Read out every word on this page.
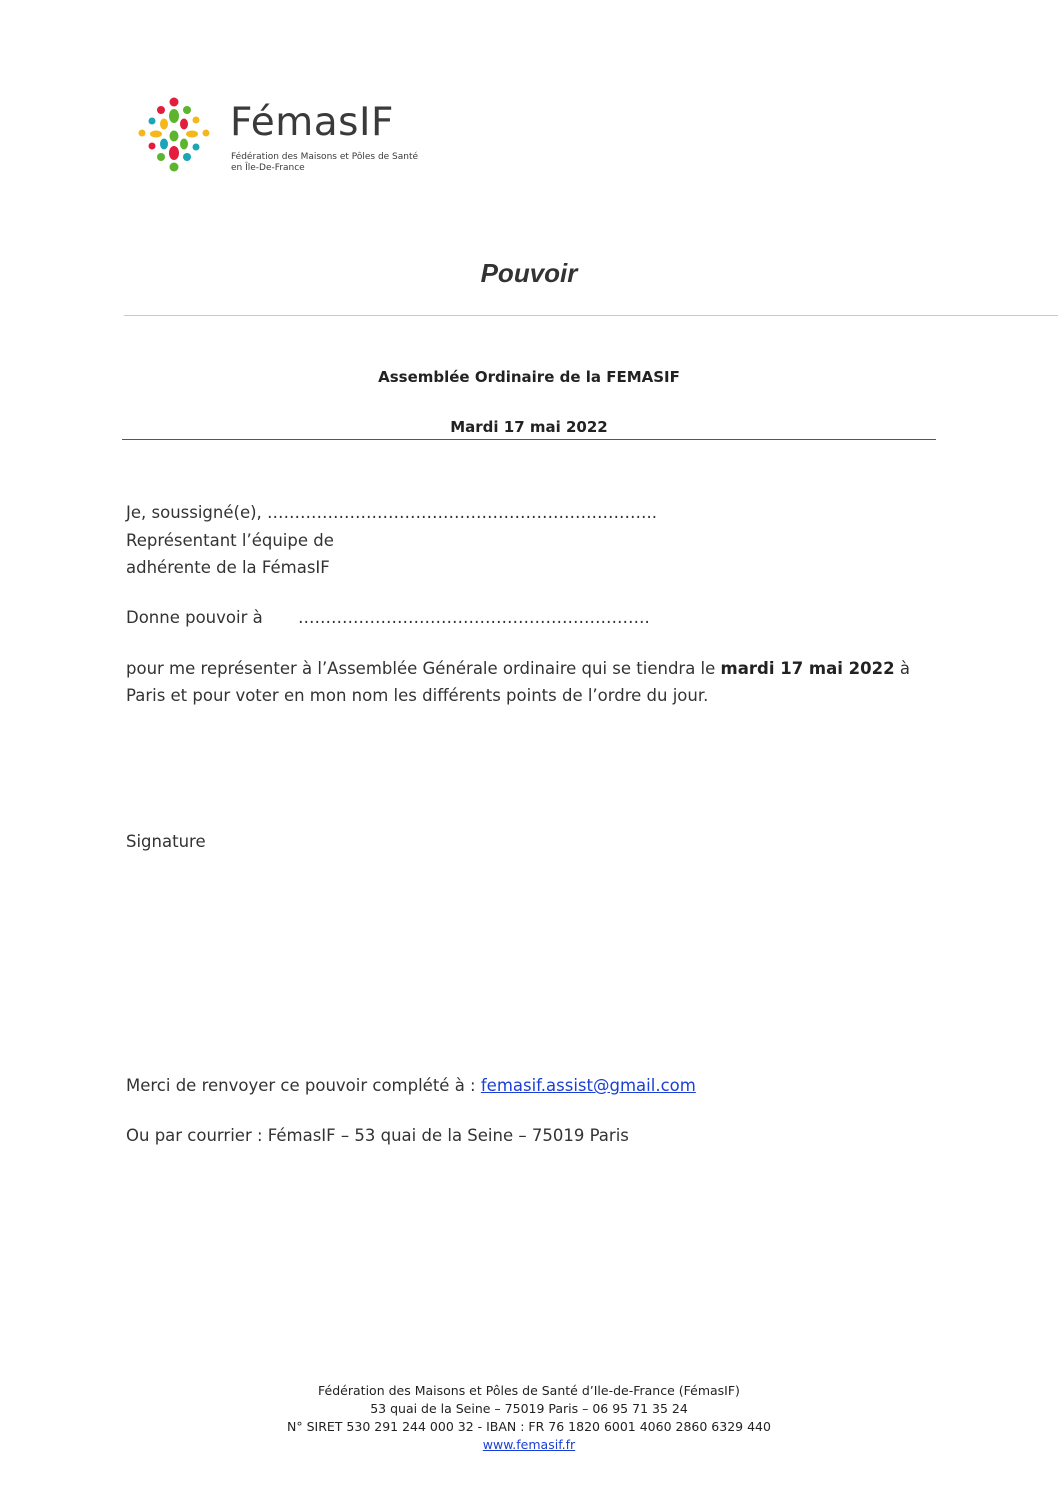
FémasIF
Fédération des Maisons et Pôles de Santé
en Île-De-France
Pouvoir
Assemblée Ordinaire de la FEMASIF
Mardi 17 mai 2022
Je, soussigné(e), ……………………………………………………………..
Représentant l’équipe de
adhérente de la FémasIF
Donne pouvoir à ……………………………………………………….
pour me représenter à l’Assemblée Générale ordinaire qui se tiendra le mardi 17 mai 2022 à Paris et pour voter en mon nom les différents points de l’ordre du jour.
Signature
Merci de renvoyer ce pouvoir complété à : femasif.assist@gmail.com
Ou par courrier : FémasIF – 53 quai de la Seine – 75019 Paris
Fédération des Maisons et Pôles de Santé d’Ile-de-France (FémasIF)
53 quai de la Seine – 75019 Paris – 06 95 71 35 24
N° SIRET 530 291 244 000 32 - IBAN : FR 76 1820 6001 4060 2860 6329 440
www.femasif.fr
